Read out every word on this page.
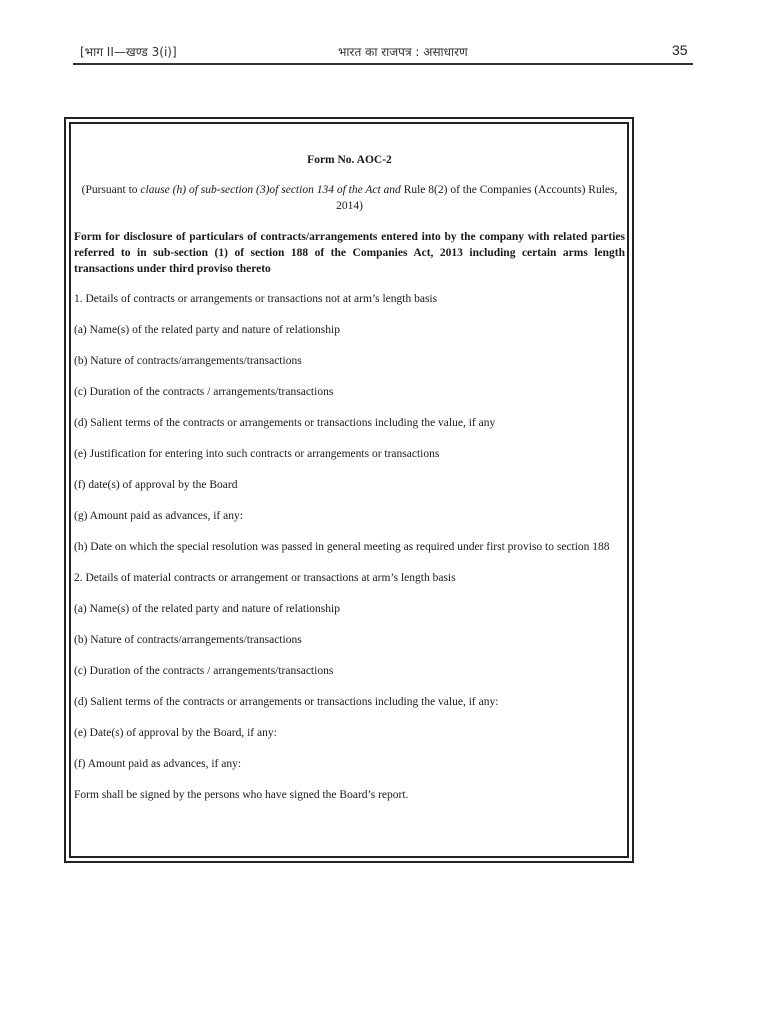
[भाग II—खण्ड 3(i)]	भारत का राजपत्र : असाधारण	35

Form No. AOC-2

(Pursuant to clause (h) of sub-section (3)of section 134 of the Act and Rule 8(2) of the Companies (Accounts) Rules, 2014)

Form for disclosure of particulars of contracts/arrangements entered into by the company with related parties referred to in sub-section (1) of section 188 of the Companies Act, 2013 including certain arms length transactions under third proviso thereto

1. Details of contracts or arrangements or transactions not at arm’s length basis

(a) Name(s) of the related party and nature of relationship

(b) Nature of contracts/arrangements/transactions

(c) Duration of the contracts / arrangements/transactions

(d) Salient terms of the contracts or arrangements or transactions including the value, if any

(e) Justification for entering into such contracts or arrangements or transactions

(f) date(s) of approval by the Board

(g) Amount paid as advances, if any:

(h) Date on which the special resolution was passed in general meeting as required under first proviso to section 188

2. Details of material contracts or arrangement or transactions at arm’s length basis

(a) Name(s) of the related party and nature of relationship

(b) Nature of contracts/arrangements/transactions

(c) Duration of the contracts / arrangements/transactions

(d) Salient terms of the contracts or arrangements or transactions including the value, if any:

(e) Date(s) of approval by the Board, if any:

(f) Amount paid as advances, if any:

Form shall be signed by the persons who have signed the Board’s report.
